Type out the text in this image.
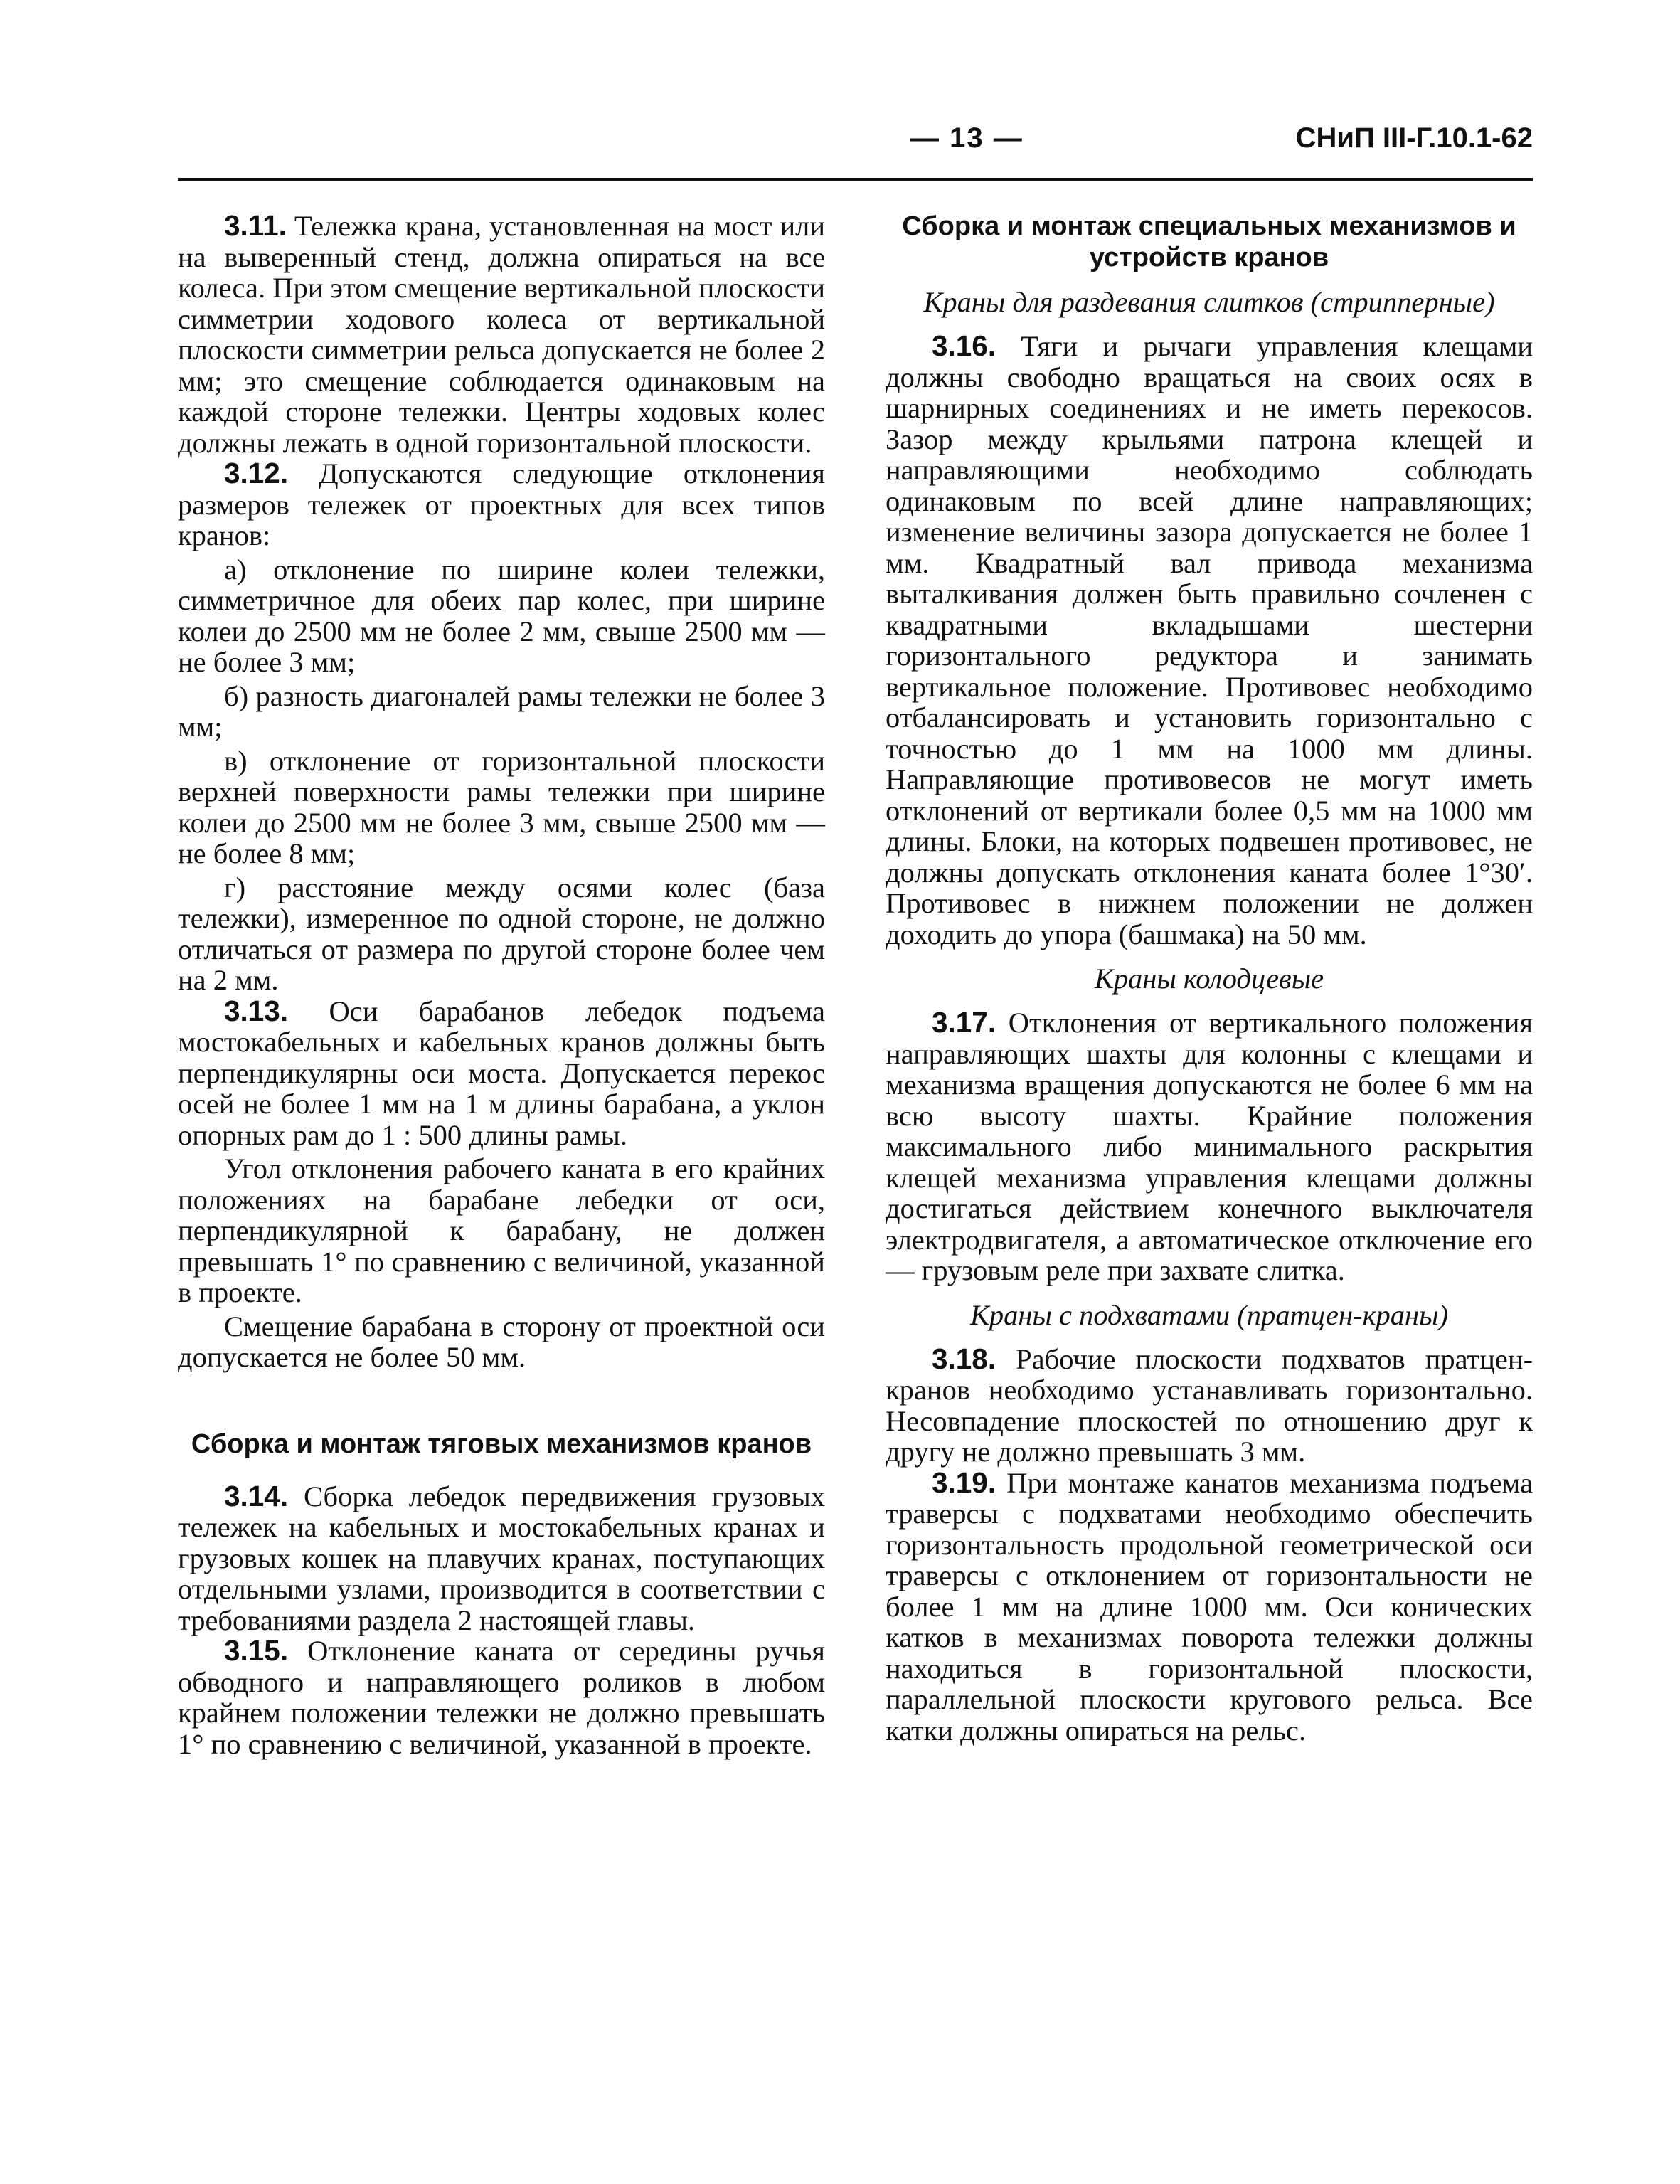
— 13 —	СНиП III-Г.10.1-62

3.11. Тележка крана, установленная на мост или на выверенный стенд, должна опираться на все колеса. При этом смещение вертикальной плоскости симметрии ходового колеса от вертикальной плоскости симметрии рельса допускается не более 2 мм; это смещение соблюдается одинаковым на каждой стороне тележки. Центры ходовых колес должны лежать в одной горизонтальной плоскости.

3.12. Допускаются следующие отклонения размеров тележек от проектных для всех типов кранов:

а) отклонение по ширине колеи тележки, симметричное для обеих пар колес, при ширине колеи до 2500 мм не более 2 мм, свыше 2500 мм — не более 3 мм;

б) разность диагоналей рамы тележки не более 3 мм;

в) отклонение от горизонтальной плоскости верхней поверхности рамы тележки при ширине колеи до 2500 мм не более 3 мм, свыше 2500 мм — не более 8 мм;

г) расстояние между осями колес (база тележки), измеренное по одной стороне, не должно отличаться от размера по другой стороне более чем на 2 мм.

3.13. Оси барабанов лебедок подъема мостокабельных и кабельных кранов должны быть перпендикулярны оси моста. Допускается перекос осей не более 1 мм на 1 м длины барабана, а уклон опорных рам до 1 : 500 длины рамы.

Угол отклонения рабочего каната в его крайних положениях на барабане лебедки от оси, перпендикулярной к барабану, не должен превышать 1° по сравнению с величиной, указанной в проекте.

Смещение барабана в сторону от проектной оси допускается не более 50 мм.

Сборка и монтаж тяговых механизмов кранов

3.14. Сборка лебедок передвижения грузовых тележек на кабельных и мостокабельных кранах и грузовых кошек на плавучих кранах, поступающих отдельными узлами, производится в соответствии с требованиями раздела 2 настоящей главы.

3.15. Отклонение каната от середины ручья обводного и направляющего роликов в любом крайнем положении тележки не должно превышать 1° по сравнению с величиной, указанной в проекте.

Сборка и монтаж специальных механизмов и устройств кранов

Краны для раздевания слитков (стрипперные)

3.16. Тяги и рычаги управления клещами должны свободно вращаться на своих осях в шарнирных соединениях и не иметь перекосов. Зазор между крыльями патрона клещей и направляющими необходимо соблюдать одинаковым по всей длине направляющих; изменение величины зазора допускается не более 1 мм. Квадратный вал привода механизма выталкивания должен быть правильно сочленен с квадратными вкладышами шестерни горизонтального редуктора и занимать вертикальное положение. Противовес необходимо отбалансировать и установить горизонтально с точностью до 1 мм на 1000 мм длины. Направляющие противовесов не могут иметь отклонений от вертикали более 0,5 мм на 1000 мм длины. Блоки, на которых подвешен противовес, не должны допускать отклонения каната более 1°30′. Противовес в нижнем положении не должен доходить до упора (башмака) на 50 мм.

Краны колодцевые

3.17. Отклонения от вертикального положения направляющих шахты для колонны с клещами и механизма вращения допускаются не более 6 мм на всю высоту шахты. Крайние положения максимального либо минимального раскрытия клещей механизма управления клещами должны достигаться действием конечного выключателя электродвигателя, а автоматическое отключение его — грузовым реле при захвате слитка.

Краны с подхватами (пратцен-краны)

3.18. Рабочие плоскости подхватов пратцен-кранов необходимо устанавливать горизонтально. Несовпадение плоскостей по отношению друг к другу не должно превышать 3 мм.

3.19. При монтаже канатов механизма подъема траверсы с подхватами необходимо обеспечить горизонтальность продольной геометрической оси траверсы с отклонением от горизонтальности не более 1 мм на длине 1000 мм. Оси конических катков в механизмах поворота тележки должны находиться в горизонтальной плоскости, параллельной плоскости кругового рельса. Все катки должны опираться на рельс.
